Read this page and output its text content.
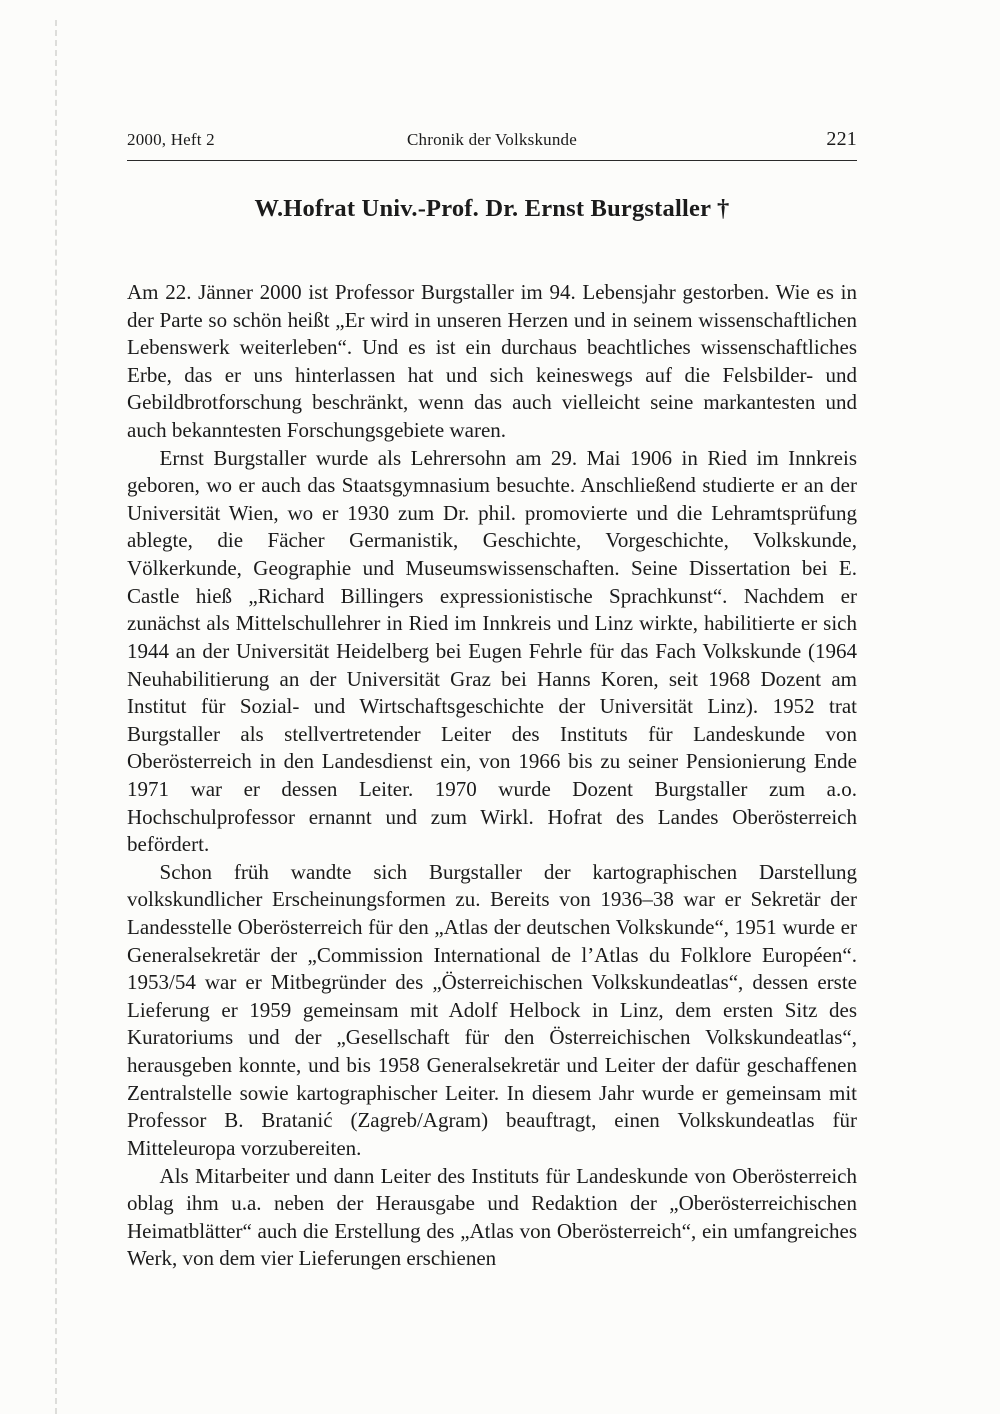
2000, Heft 2	Chronik der Volkskunde	221
W.Hofrat Univ.-Prof. Dr. Ernst Burgstaller †

Am 22. Jänner 2000 ist Professor Burgstaller im 94. Lebensjahr gestorben. Wie es in der Parte so schön heißt „Er wird in unseren Herzen und in seinem wissenschaftlichen Lebenswerk weiterleben“. Und es ist ein durchaus beachtliches wissenschaftliches Erbe, das er uns hinterlassen hat und sich keineswegs auf die Felsbilder- und Gebildbrotforschung beschränkt, wenn das auch vielleicht seine markantesten und auch bekanntesten Forschungsgebiete waren.

Ernst Burgstaller wurde als Lehrersohn am 29. Mai 1906 in Ried im Innkreis geboren, wo er auch das Staatsgymnasium besuchte. Anschließend studierte er an der Universität Wien, wo er 1930 zum Dr. phil. promovierte und die Lehramtsprüfung ablegte, die Fächer Germanistik, Geschichte, Vorgeschichte, Volkskunde, Völkerkunde, Geographie und Museumswissenschaften. Seine Dissertation bei E. Castle hieß „Richard Billingers expressionistische Sprachkunst“. Nachdem er zunächst als Mittelschullehrer in Ried im Innkreis und Linz wirkte, habilitierte er sich 1944 an der Universität Heidelberg bei Eugen Fehrle für das Fach Volkskunde (1964 Neuhabilitierung an der Universität Graz bei Hanns Koren, seit 1968 Dozent am Institut für Sozial- und Wirtschaftsgeschichte der Universität Linz). 1952 trat Burgstaller als stellvertretender Leiter des Instituts für Landeskunde von Oberösterreich in den Landesdienst ein, von 1966 bis zu seiner Pensionierung Ende 1971 war er dessen Leiter. 1970 wurde Dozent Burgstaller zum a.o. Hochschulprofessor ernannt und zum Wirkl. Hofrat des Landes Oberösterreich befördert.

Schon früh wandte sich Burgstaller der kartographischen Darstellung volkskundlicher Erscheinungsformen zu. Bereits von 1936–38 war er Sekretär der Landesstelle Oberösterreich für den „Atlas der deutschen Volkskunde“, 1951 wurde er Generalsekretär der „Commission International de l’Atlas du Folklore Européen“. 1953/54 war er Mitbegründer des „Österreichischen Volkskundeatlas“, dessen erste Lieferung er 1959 gemeinsam mit Adolf Helbock in Linz, dem ersten Sitz des Kuratoriums und der „Gesellschaft für den Österreichischen Volkskundeatlas“, herausgeben konnte, und bis 1958 Generalsekretär und Leiter der dafür geschaffenen Zentralstelle sowie kartographischer Leiter. In diesem Jahr wurde er gemeinsam mit Professor B. Bratanić (Zagreb/Agram) beauftragt, einen Volkskundeatlas für Mitteleuropa vorzubereiten.

Als Mitarbeiter und dann Leiter des Instituts für Landeskunde von Oberösterreich oblag ihm u.a. neben der Herausgabe und Redaktion der „Oberösterreichischen Heimatblätter“ auch die Erstellung des „Atlas von Oberösterreich“, ein umfangreiches Werk, von dem vier Lieferungen erschienen
